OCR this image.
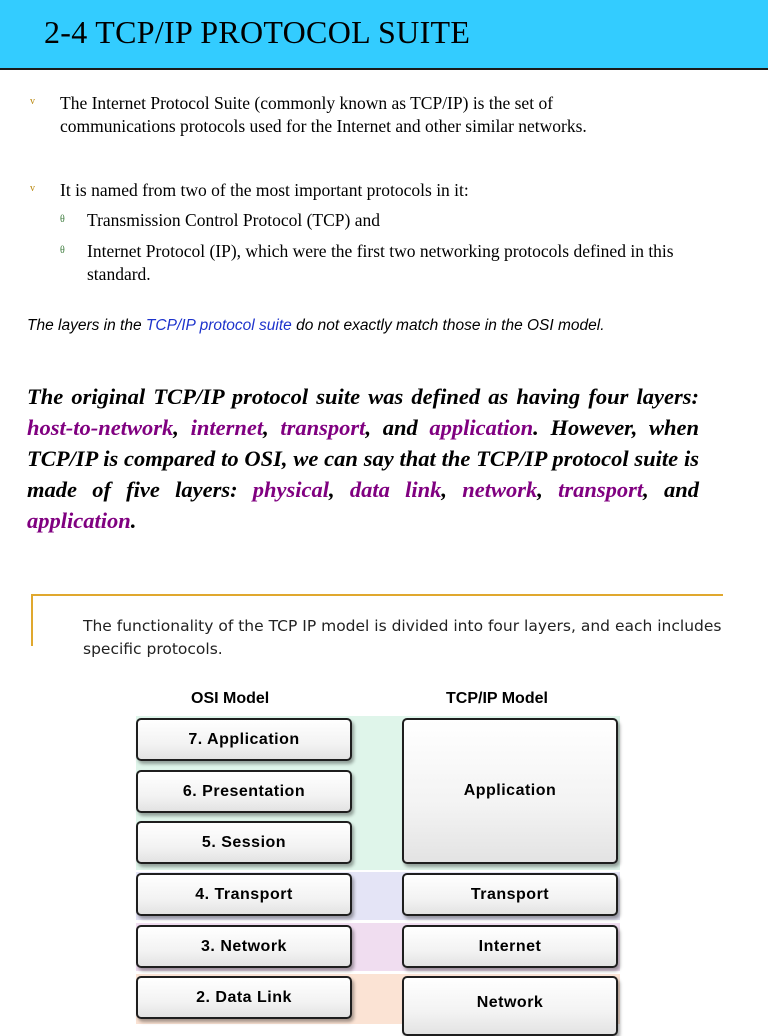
2-4 TCP/IP PROTOCOL SUITE
v The Internet Protocol Suite (commonly known as TCP/IP) is the set of communications protocols used for the Internet and other similar networks.
v It is named from two of the most important protocols in it:
θ Transmission Control Protocol (TCP) and
θ Internet Protocol (IP), which were the first two networking protocols defined in this standard.
The layers in the TCP/IP protocol suite do not exactly match those in the OSI model.
The original TCP/IP protocol suite was defined as having four layers: host-to-network, internet, transport, and application. However, when TCP/IP is compared to OSI, we can say that the TCP/IP protocol suite is made of five layers: physical, data link, network, transport, and application.
The functionality of the TCP IP model is divided into four layers, and each includes specific protocols.
OSI Model	TCP/IP Model
7. Application
6. Presentation
5. Session
4. Transport
3. Network
2. Data Link
Application
Transport
Internet
Network
